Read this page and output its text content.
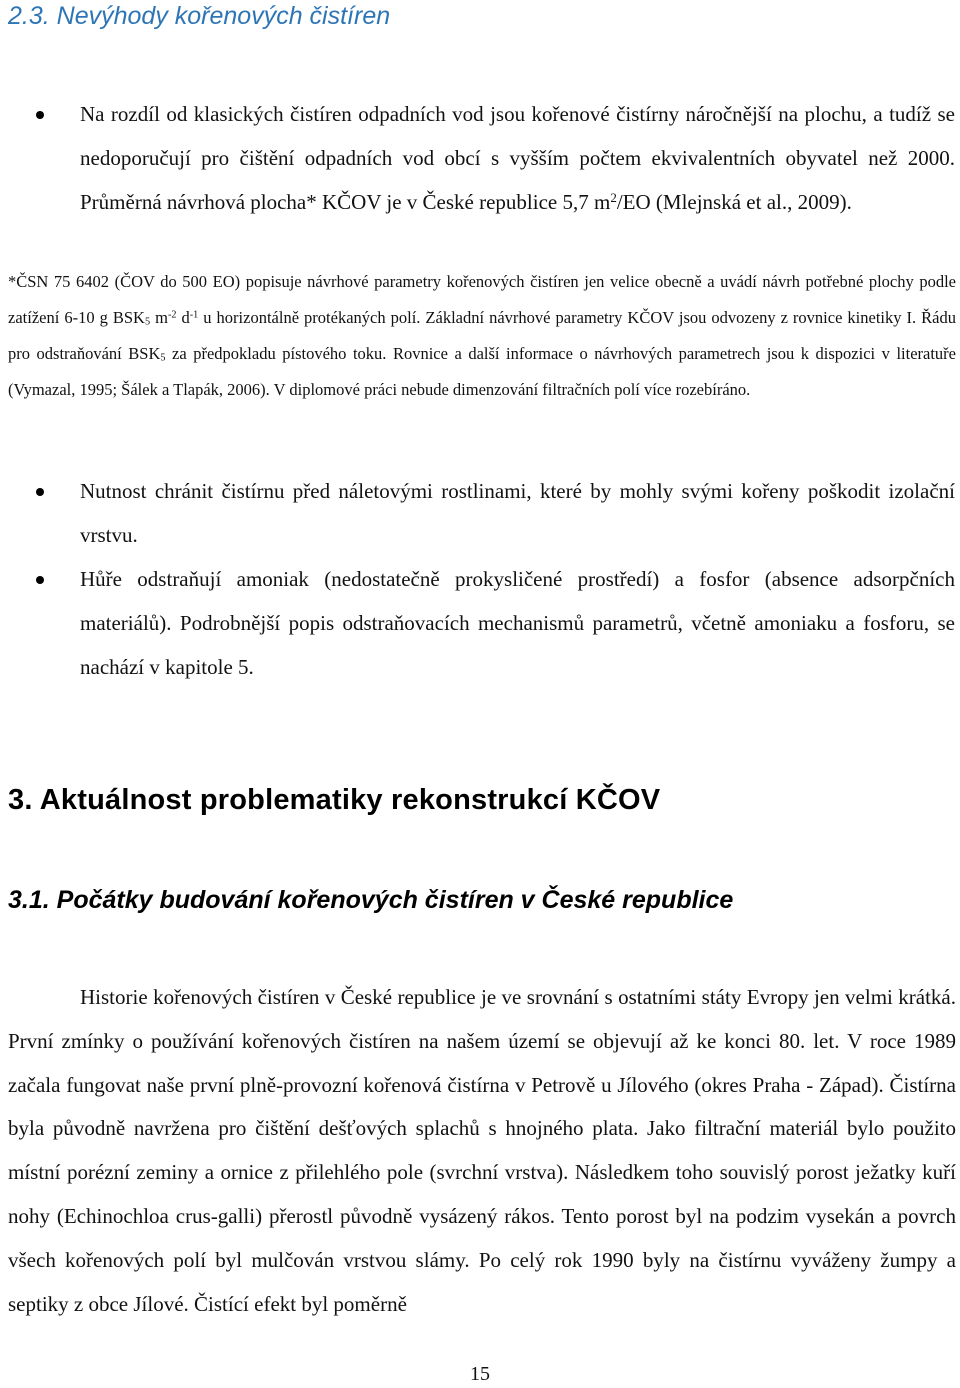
2.3. Nevýhody kořenových čistíren
Na rozdíl od klasických čistíren odpadních vod jsou kořenové čistírny náročnější na plochu, a tudíž se nedoporučují pro čištění odpadních vod obcí s vyšším počtem ekvivalentních obyvatel než 2000. Průměrná návrhová plocha* KČOV je v České republice 5,7 $m^2/EO$ (Mlejnská et al., 2009).
*ČSN 75 6402 (ČOV do 500 EO) popisuje návrhové parametry kořenových čistíren jen velice obecně a uvádí návrh potřebné plochy podle zatížení 6-10 g $BSK_5$ $m^{-2}$ $d^{-1}$ u horizontálně protékaných polí. Základní návrhové parametry KČOV jsou odvozeny z rovnice kinetiky I. Řádu pro odstraňování $BSK_5$ za předpokladu pístového toku. Rovnice a další informace o návrhových parametrech jsou k dispozici v literatuře (Vymazal, 1995; Šálek a Tlapák, 2006). V diplomové práci nebude dimenzování filtračních polí více rozebíráno.
Nutnost chránit čistírnu před náletovými rostlinami, které by mohly svými kořeny poškodit izolační vrstvu.
Hůře odstraňují amoniak (nedostatečně prokysličené prostředí) a fosfor (absence adsorpčních materiálů). Podrobnější popis odstraňovacích mechanismů parametrů, včetně amoniaku a fosforu, se nachází v kapitole 5.
3. Aktuálnost problematiky rekonstrukcí KČOV
3.1. Počátky budování kořenových čistíren v České republice
Historie kořenových čistíren v České republice je ve srovnání s ostatními státy Evropy jen velmi krátká. První zmínky o používání kořenových čistíren na našem území se objevují až ke konci 80. let. V roce 1989 začala fungovat naše první plně-provozní kořenová čistírna v Petrově u Jílového (okres Praha - Západ). Čistírna byla původně navržena pro čištění dešťových splachů s hnojného plata. Jako filtrační materiál bylo použito místní porézní zeminy a ornice z přilehlého pole (svrchní vrstva). Následkem toho souvislý porost ježatky kuří nohy (Echinochloa crus-galli) přerostl původně vysázený rákos. Tento porost byl na podzim vysekán a povrch všech kořenových polí byl mulčován vrstvou slámy. Po celý rok 1990 byly na čistírnu vyváženy žumpy a septiky z obce Jílové. Čistící efekt byl poměrně
15
